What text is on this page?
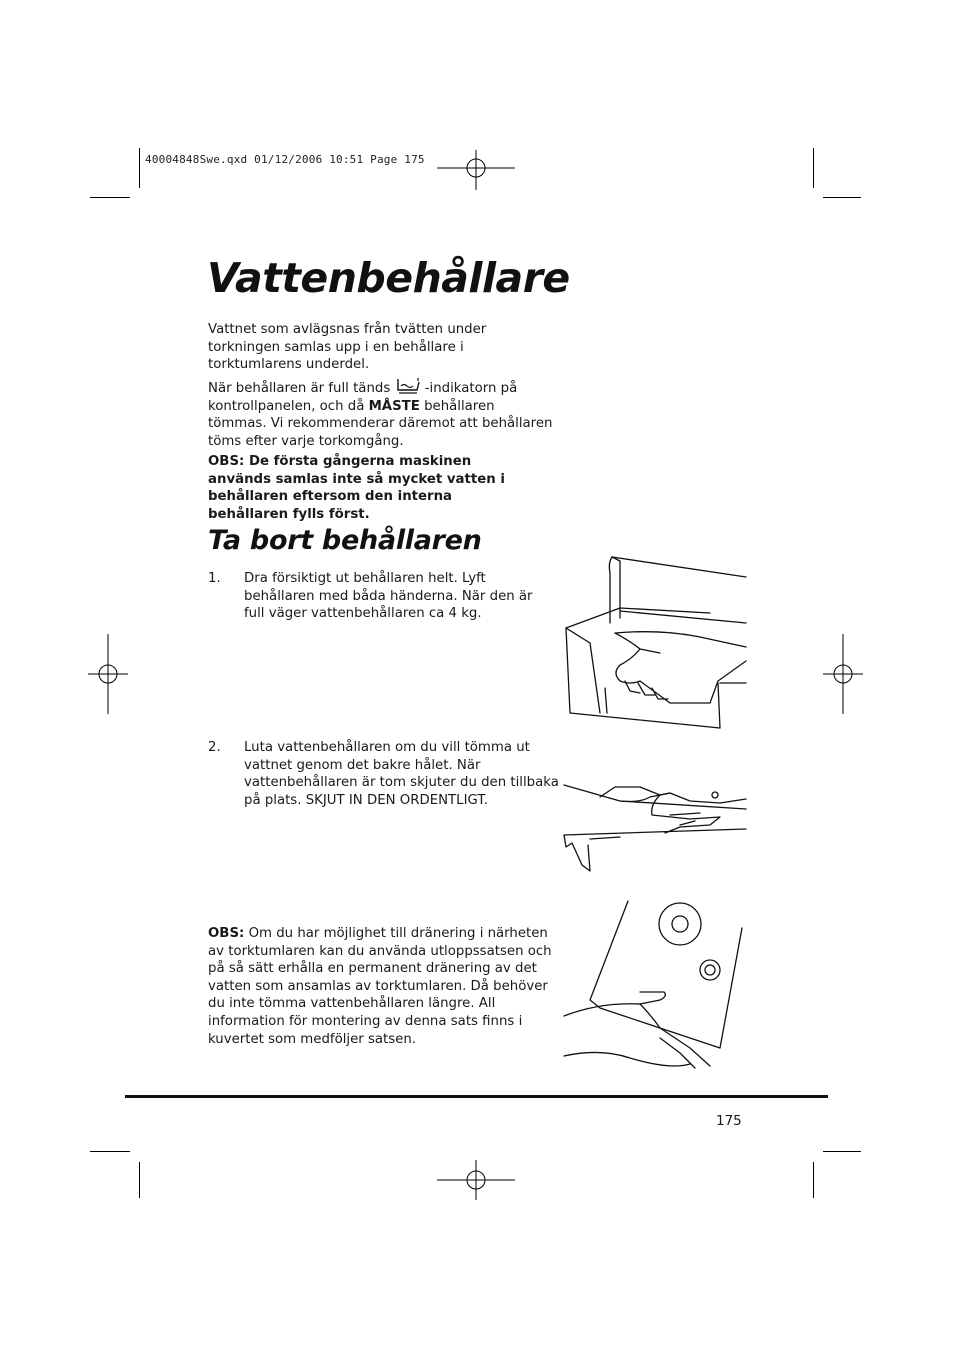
40004848Swe.qxd 01/12/2006 10:51 Page 175
Vattenbehållare

Vattnet som avlägsnas från tvätten under torkningen samlas upp i en behållare i torktumlarens underdel.

När behållaren är full tänds	-indikatorn på kontrollpanelen, och då MÅSTE behållaren tömmas. Vi rekommenderar däremot att behållaren töms efter varje torkomgång.

OBS: De första gångerna maskinen används samlas inte så mycket vatten i behållaren eftersom den interna behållaren fylls först.

Ta bort behållaren
1. Dra försiktigt ut behållaren helt. Lyft behållaren med båda händerna. När den är full väger vattenbehållaren ca 4 kg.
2. Luta vattenbehållaren om du vill tömma ut vattnet genom det bakre hålet. När vattenbehållaren är tom skjuter du den tillbaka på plats. SKJUT IN DEN ORDENTLIGT.

OBS: Om du har möjlighet till dränering i närheten av torktumlaren kan du använda utloppssatsen och på så sätt erhålla en permanent dränering av det vatten som ansamlas av torktumlaren. Då behöver du inte tömma vattenbehållaren längre. All information för montering av denna sats finns i kuvertet som medföljer satsen.

175
